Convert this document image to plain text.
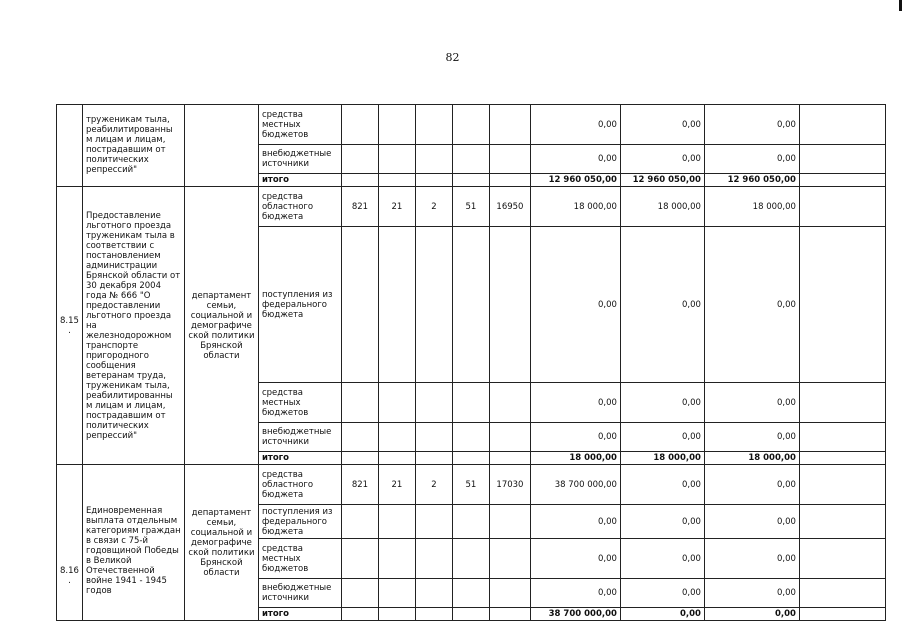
82
	труженикам тыла, реабилитированны м лицам и лицам, пострадавшим от политических репрессий"		средства местных бюджетов						0,00	0,00	0,00	
			внебюджетные источники						0,00	0,00	0,00	
			итого						12 960 050,00	12 960 050,00	12 960 050,00	
8.15 .	Предоставление льготного проезда труженикам тыла в соответствии с постановлением администрации Брянской области от 30 декабря 2004 года № 666 "О предоставлении льготного проезда на железнодорожном транспорте пригородного сообщения ветеранам труда, труженикам тыла, реабилитированны м лицам и лицам, пострадавшим от политических репрессий"	департамент семьи, социальной и демографиче ской политики Брянской области	средства областного бюджета	821	21	2	51	16950	18 000,00	18 000,00	18 000,00	
			поступления из федерального бюджета						0,00	0,00	0,00	
			средства местных бюджетов						0,00	0,00	0,00	
			внебюджетные источники						0,00	0,00	0,00	
			итого						18 000,00	18 000,00	18 000,00	
8.16 .	Единовременная выплата отдельным категориям граждан в связи с 75-й годовщиной Победы в Великой Отечественной войне 1941 - 1945 годов	департамент семьи, социальной и демографиче ской политики Брянской области	средства областного бюджета	821	21	2	51	17030	38 700 000,00	0,00	0,00	
			поступления из федерального бюджета						0,00	0,00	0,00	
			средства местных бюджетов						0,00	0,00	0,00	
			внебюджетные источники						0,00	0,00	0,00	
			итого						38 700 000,00	0,00	0,00	
